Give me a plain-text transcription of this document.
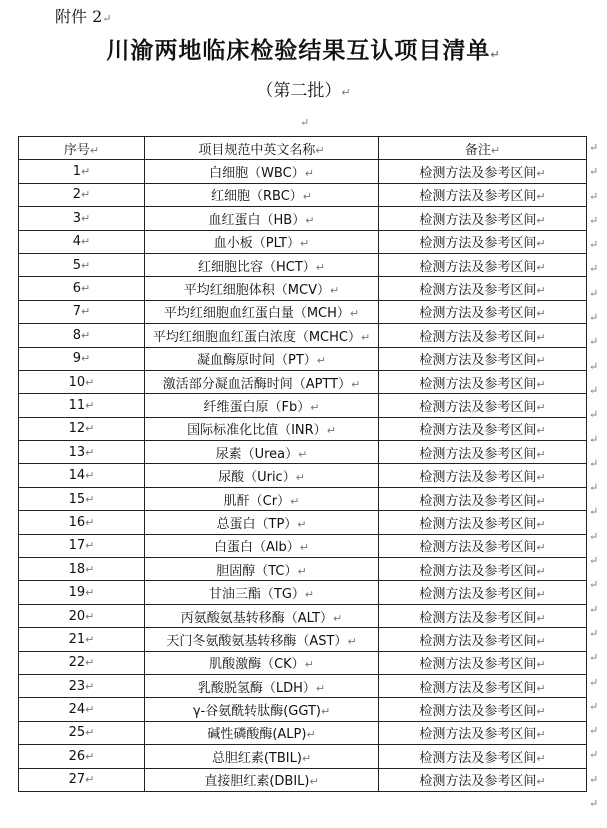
附件 2↵
川渝两地临床检验结果互认项目清单↵
（第二批）↵
↵
序号↵	项目规范中英文名称↵	备注↵
1↵	白细胞（WBC）↵	检测方法及参考区间↵
2↵	红细胞（RBC）↵	检测方法及参考区间↵
3↵	血红蛋白（HB）↵	检测方法及参考区间↵
4↵	血小板（PLT）↵	检测方法及参考区间↵
5↵	红细胞比容（HCT）↵	检测方法及参考区间↵
6↵	平均红细胞体积（MCV）↵	检测方法及参考区间↵
7↵	平均红细胞血红蛋白量（MCH）↵	检测方法及参考区间↵
8↵	平均红细胞血红蛋白浓度（MCHC）↵	检测方法及参考区间↵
9↵	凝血酶原时间（PT）↵	检测方法及参考区间↵
10↵	激活部分凝血活酶时间（APTT）↵	检测方法及参考区间↵
11↵	纤维蛋白原（Fb）↵	检测方法及参考区间↵
12↵	国际标准化比值（INR）↵	检测方法及参考区间↵
13↵	尿素（Urea）↵	检测方法及参考区间↵
14↵	尿酸（Uric）↵	检测方法及参考区间↵
15↵	肌酐（Cr）↵	检测方法及参考区间↵
16↵	总蛋白（TP）↵	检测方法及参考区间↵
17↵	白蛋白（Alb）↵	检测方法及参考区间↵
18↵	胆固醇（TC）↵	检测方法及参考区间↵
19↵	甘油三酯（TG）↵	检测方法及参考区间↵
20↵	丙氨酸氨基转移酶（ALT）↵	检测方法及参考区间↵
21↵	天门冬氨酸氨基转移酶（AST）↵	检测方法及参考区间↵
22↵	肌酸激酶（CK）↵	检测方法及参考区间↵
23↵	乳酸脱氢酶（LDH）↵	检测方法及参考区间↵
24↵	γ-谷氨酰转肽酶(GGT)↵	检测方法及参考区间↵
25↵	碱性磷酸酶(ALP)↵	检测方法及参考区间↵
26↵	总胆红素(TBIL)↵	检测方法及参考区间↵
27↵	直接胆红素(DBIL)↵	检测方法及参考区间↵
↵
↵
↵
↵
↵
↵
↵
↵
↵
↵
↵
↵
↵
↵
↵
↵
↵
↵
↵
↵
↵
↵
↵
↵
↵
↵
↵
↵
